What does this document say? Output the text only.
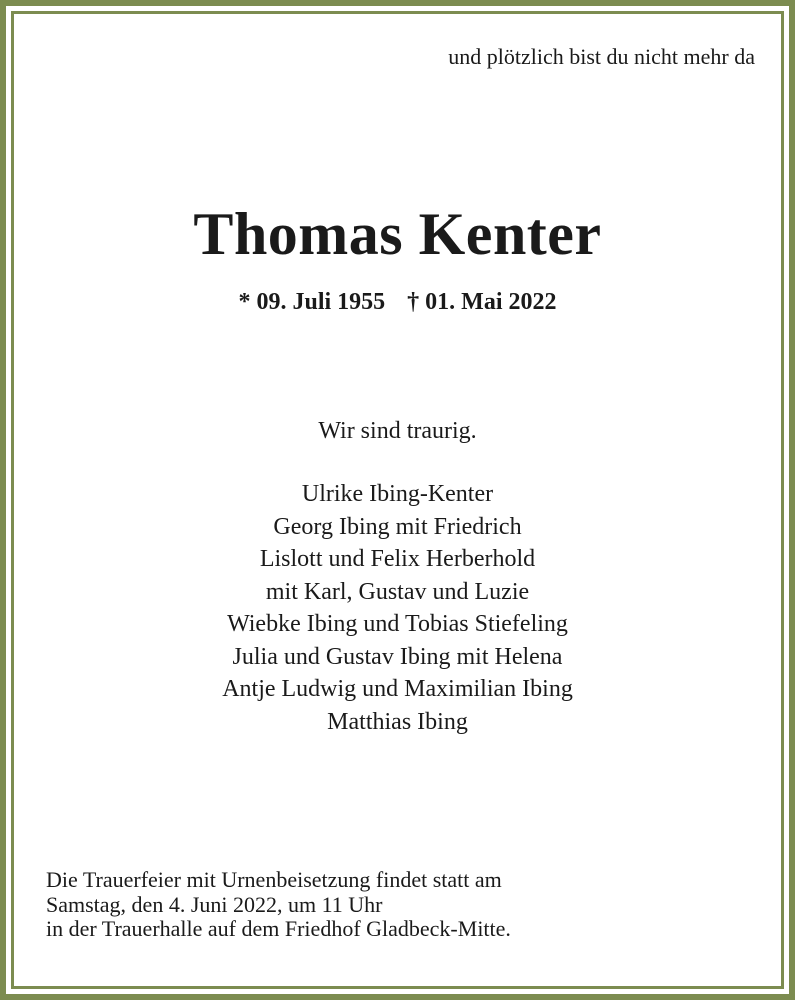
und plötzlich bist du nicht mehr da
Thomas Kenter
* 09. Juli 1955 † 01. Mai 2022
Wir sind traurig.
Ulrike Ibing-Kenter
Georg Ibing mit Friedrich
Lislott und Felix Herberhold
mit Karl, Gustav und Luzie
Wiebke Ibing und Tobias Stiefeling
Julia und Gustav Ibing mit Helena
Antje Ludwig und Maximilian Ibing
Matthias Ibing
Die Trauerfeier mit Urnenbeisetzung findet statt am
Samstag, den 4. Juni 2022, um 11 Uhr
in der Trauerhalle auf dem Friedhof Gladbeck-Mitte.
